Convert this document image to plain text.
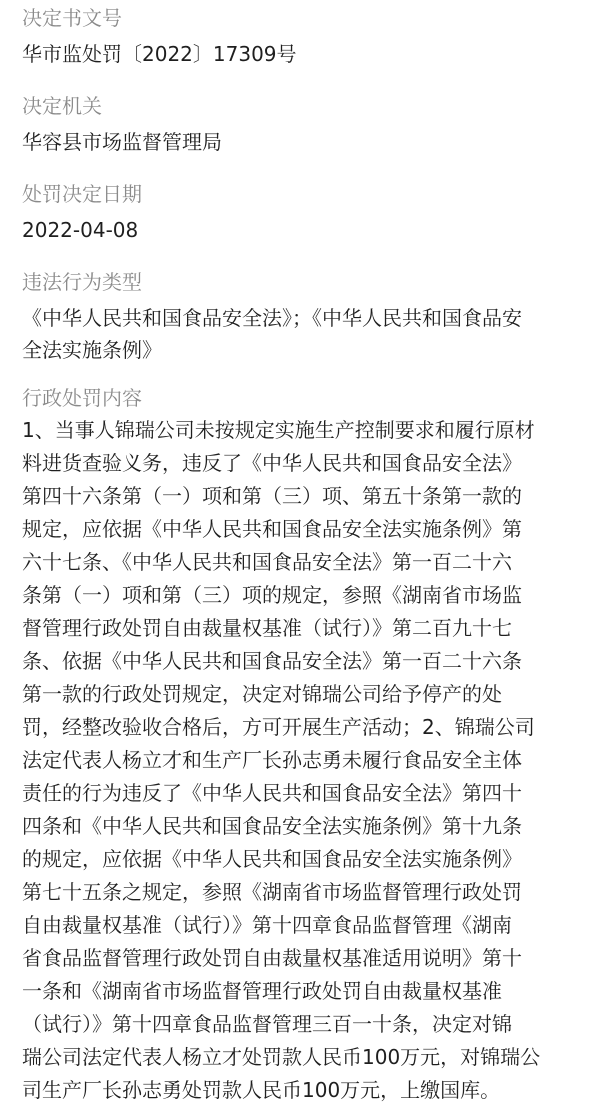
决定书文号

华市监处罚〔2022〕17309号

决定机关

华容县市场监督管理局

处罚决定日期

2022-04-08

违法行为类型

《中华人民共和国食品安全法》；《中华人民共和国食品安
全法实施条例》

行政处罚内容

1、当事人锦瑞公司未按规定实施生产控制要求和履行原材
料进货查验义务，违反了《中华人民共和国食品安全法》
第四十六条第（一）项和第（三）项、第五十条第一款的
规定，应依据《中华人民共和国食品安全法实施条例》第
六十七条、《中华人民共和国食品安全法》第一百二十六
条第（一）项和第（三）项的规定，参照《湖南省市场监
督管理行政处罚自由裁量权基准（试行）》第二百九十七
条、依据《中华人民共和国食品安全法》第一百二十六条
第一款的行政处罚规定，决定对锦瑞公司给予停产的处
罚，经整改验收合格后，方可开展生产活动；2、锦瑞公司
法定代表人杨立才和生产厂长孙志勇未履行食品安全主体
责任的行为违反了《中华人民共和国食品安全法》第四十
四条和《中华人民共和国食品安全法实施条例》第十九条
的规定，应依据《中华人民共和国食品安全法实施条例》
第七十五条之规定，参照《湖南省市场监督管理行政处罚
自由裁量权基准（试行）》第十四章食品监督管理《湖南
省食品监督管理行政处罚自由裁量权基准适用说明》第十
一条和《湖南省市场监督管理行政处罚自由裁量权基准
（试行）》第十四章食品监督管理三百一十条，决定对锦
瑞公司法定代表人杨立才处罚款人民币100万元，对锦瑞公
司生产厂长孙志勇处罚款人民币100万元，上缴国库。
